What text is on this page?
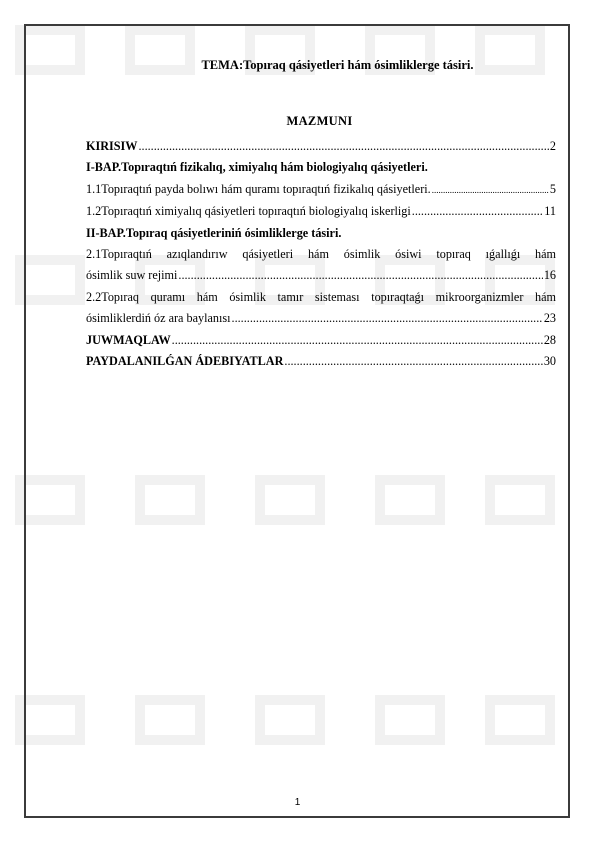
TEMA:Topıraq qásiyetleri hám ósimliklerge tásiri.
MAZMUNI
KIRISIW .....	2
I-BAP.Topıraqtıń fizikalıq, ximiyalıq hám biologiyalıq qásiyetleri.
1.1Topıraqtıń payda bolıwı hám quramı topıraqtıń fizikalıq qásiyetleri. .....	5
1.2Topıraqtıń ximiyalıq qásiyetleri topıraqtıń biologiyalıq iskerligi .....	11
II-BAP.Topıraq qásiyetleriniń ósimliklerge tásiri.
2.1Topıraqtıń azıqlandırıw qásiyetleri hám ósimlik ósiwi topıraq ıǵallıǵı hám
ósimlik suw rejimi .....	16
2.2Topıraq quramı hám ósimlik tamır sisteması topıraqtaǵı mikroorganizmler hám
ósimliklerdiń óz ara baylanısı .....	23
JUWMAQLAW .....	28
PAYDALANILǴAN ÁDEBIYATLAR .....	30
1
